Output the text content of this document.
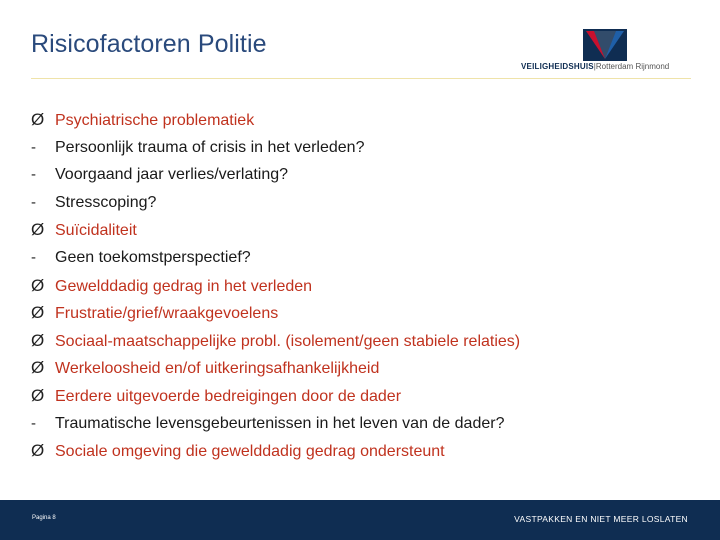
Risicofactoren Politie
VEILIGHEIDSHUIS|Rotterdam Rijnmond
Ø Psychiatrische problematiek
- Persoonlijk trauma of crisis in het verleden?
- Voorgaand jaar verlies/verlating?
- Stresscoping?
Ø Suïcidaliteit
- Geen toekomstperspectief?
Ø Gewelddadig gedrag in het verleden
Ø Frustratie/grief/wraakgevoelens
Ø Sociaal-maatschappelijke probl. (isolement/geen stabiele relaties)
Ø Werkeloosheid en/of uitkeringsafhankelijkheid
Ø Eerdere uitgevoerde bedreigingen door de dader
- Traumatische levensgebeurtenissen in het leven van de dader?
Ø Sociale omgeving die gewelddadig gedrag ondersteunt
Pagina 8	VASTPAKKEN EN NIET MEER LOSLATEN
